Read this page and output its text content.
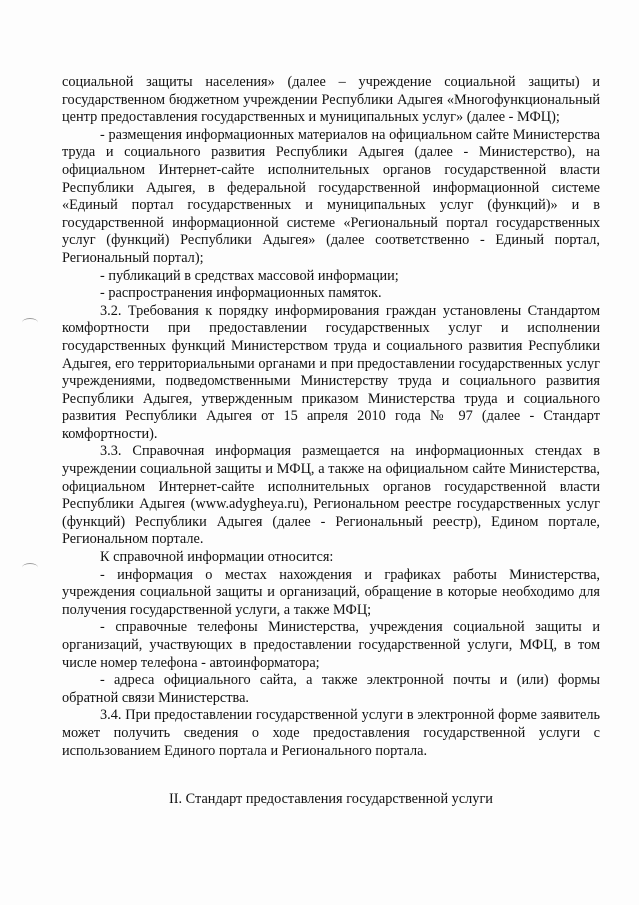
социальной защиты населения» (далее – учреждение социальной защиты) и государственном бюджетном учреждении Республики Адыгея «Многофункциональный центр предоставления государственных и муниципальных услуг» (далее - МФЦ);

- размещения информационных материалов на официальном сайте Министерства труда и социального развития Республики Адыгея (далее - Министерство), на официальном Интернет-сайте исполнительных органов государственной власти Республики Адыгея, в федеральной государственной информационной системе «Единый портал государственных и муниципальных услуг (функций)» и в государственной информационной системе «Региональный портал государственных услуг (функций) Республики Адыгея» (далее соответственно - Единый портал, Региональный портал);

- публикаций в средствах массовой информации;

- распространения информационных памяток.

3.2. Требования к порядку информирования граждан установлены Стандартом комфортности при предоставлении государственных услуг и исполнении государственных функций Министерством труда и социального развития Республики Адыгея, его территориальными органами и при предоставлении государственных услуг учреждениями, подведомственными Министерству труда и социального развития Республики Адыгея, утвержденным приказом Министерства труда и социального развития Республики Адыгея от 15 апреля 2010 года № 97 (далее - Стандарт комфортности).

3.3. Справочная информация размещается на информационных стендах в учреждении социальной защиты и МФЦ, а также на официальном сайте Министерства, официальном Интернет-сайте исполнительных органов государственной власти Республики Адыгея (www.adygheya.ru), Региональном реестре государственных услуг (функций) Республики Адыгея (далее - Региональный реестр), Едином портале, Региональном портале.

К справочной информации относится:

- информация о местах нахождения и графиках работы Министерства, учреждения социальной защиты и организаций, обращение в которые необходимо для получения государственной услуги, а также МФЦ;

- справочные телефоны Министерства, учреждения социальной защиты и организаций, участвующих в предоставлении государственной услуги, МФЦ, в том числе номер телефона - автоинформатора;

- адреса официального сайта, а также электронной почты и (или) формы обратной связи Министерства.

3.4. При предоставлении государственной услуги в электронной форме заявитель может получить сведения о ходе предоставления государственной услуги с использованием Единого портала и Регионального портала.

II. Стандарт предоставления государственной услуги
